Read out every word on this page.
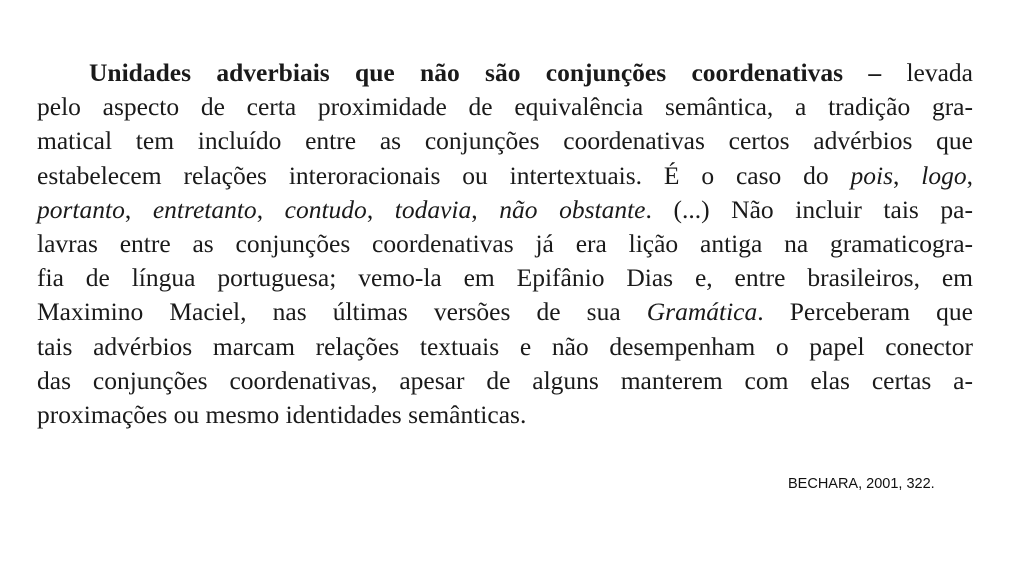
Unidades adverbiais que não são conjunções coordenativas – levada
pelo aspecto de certa proximidade de equivalência semântica, a tradição gra-
matical tem incluído entre as conjunções coordenativas certos advérbios que
estabelecem relações interoracionais ou intertextuais. É o caso do pois, logo,
portanto, entretanto, contudo, todavia, não obstante. (...) Não incluir tais pa-
lavras entre as conjunções coordenativas já era lição antiga na gramaticogra-
fia de língua portuguesa; vemo-la em Epifânio Dias e, entre brasileiros, em
Maximino Maciel, nas últimas versões de sua Gramática. Perceberam que
tais advérbios marcam relações textuais e não desempenham o papel conector
das conjunções coordenativas, apesar de alguns manterem com elas certas a-
proximações ou mesmo identidades semânticas.
BECHARA, 2001, 322.
